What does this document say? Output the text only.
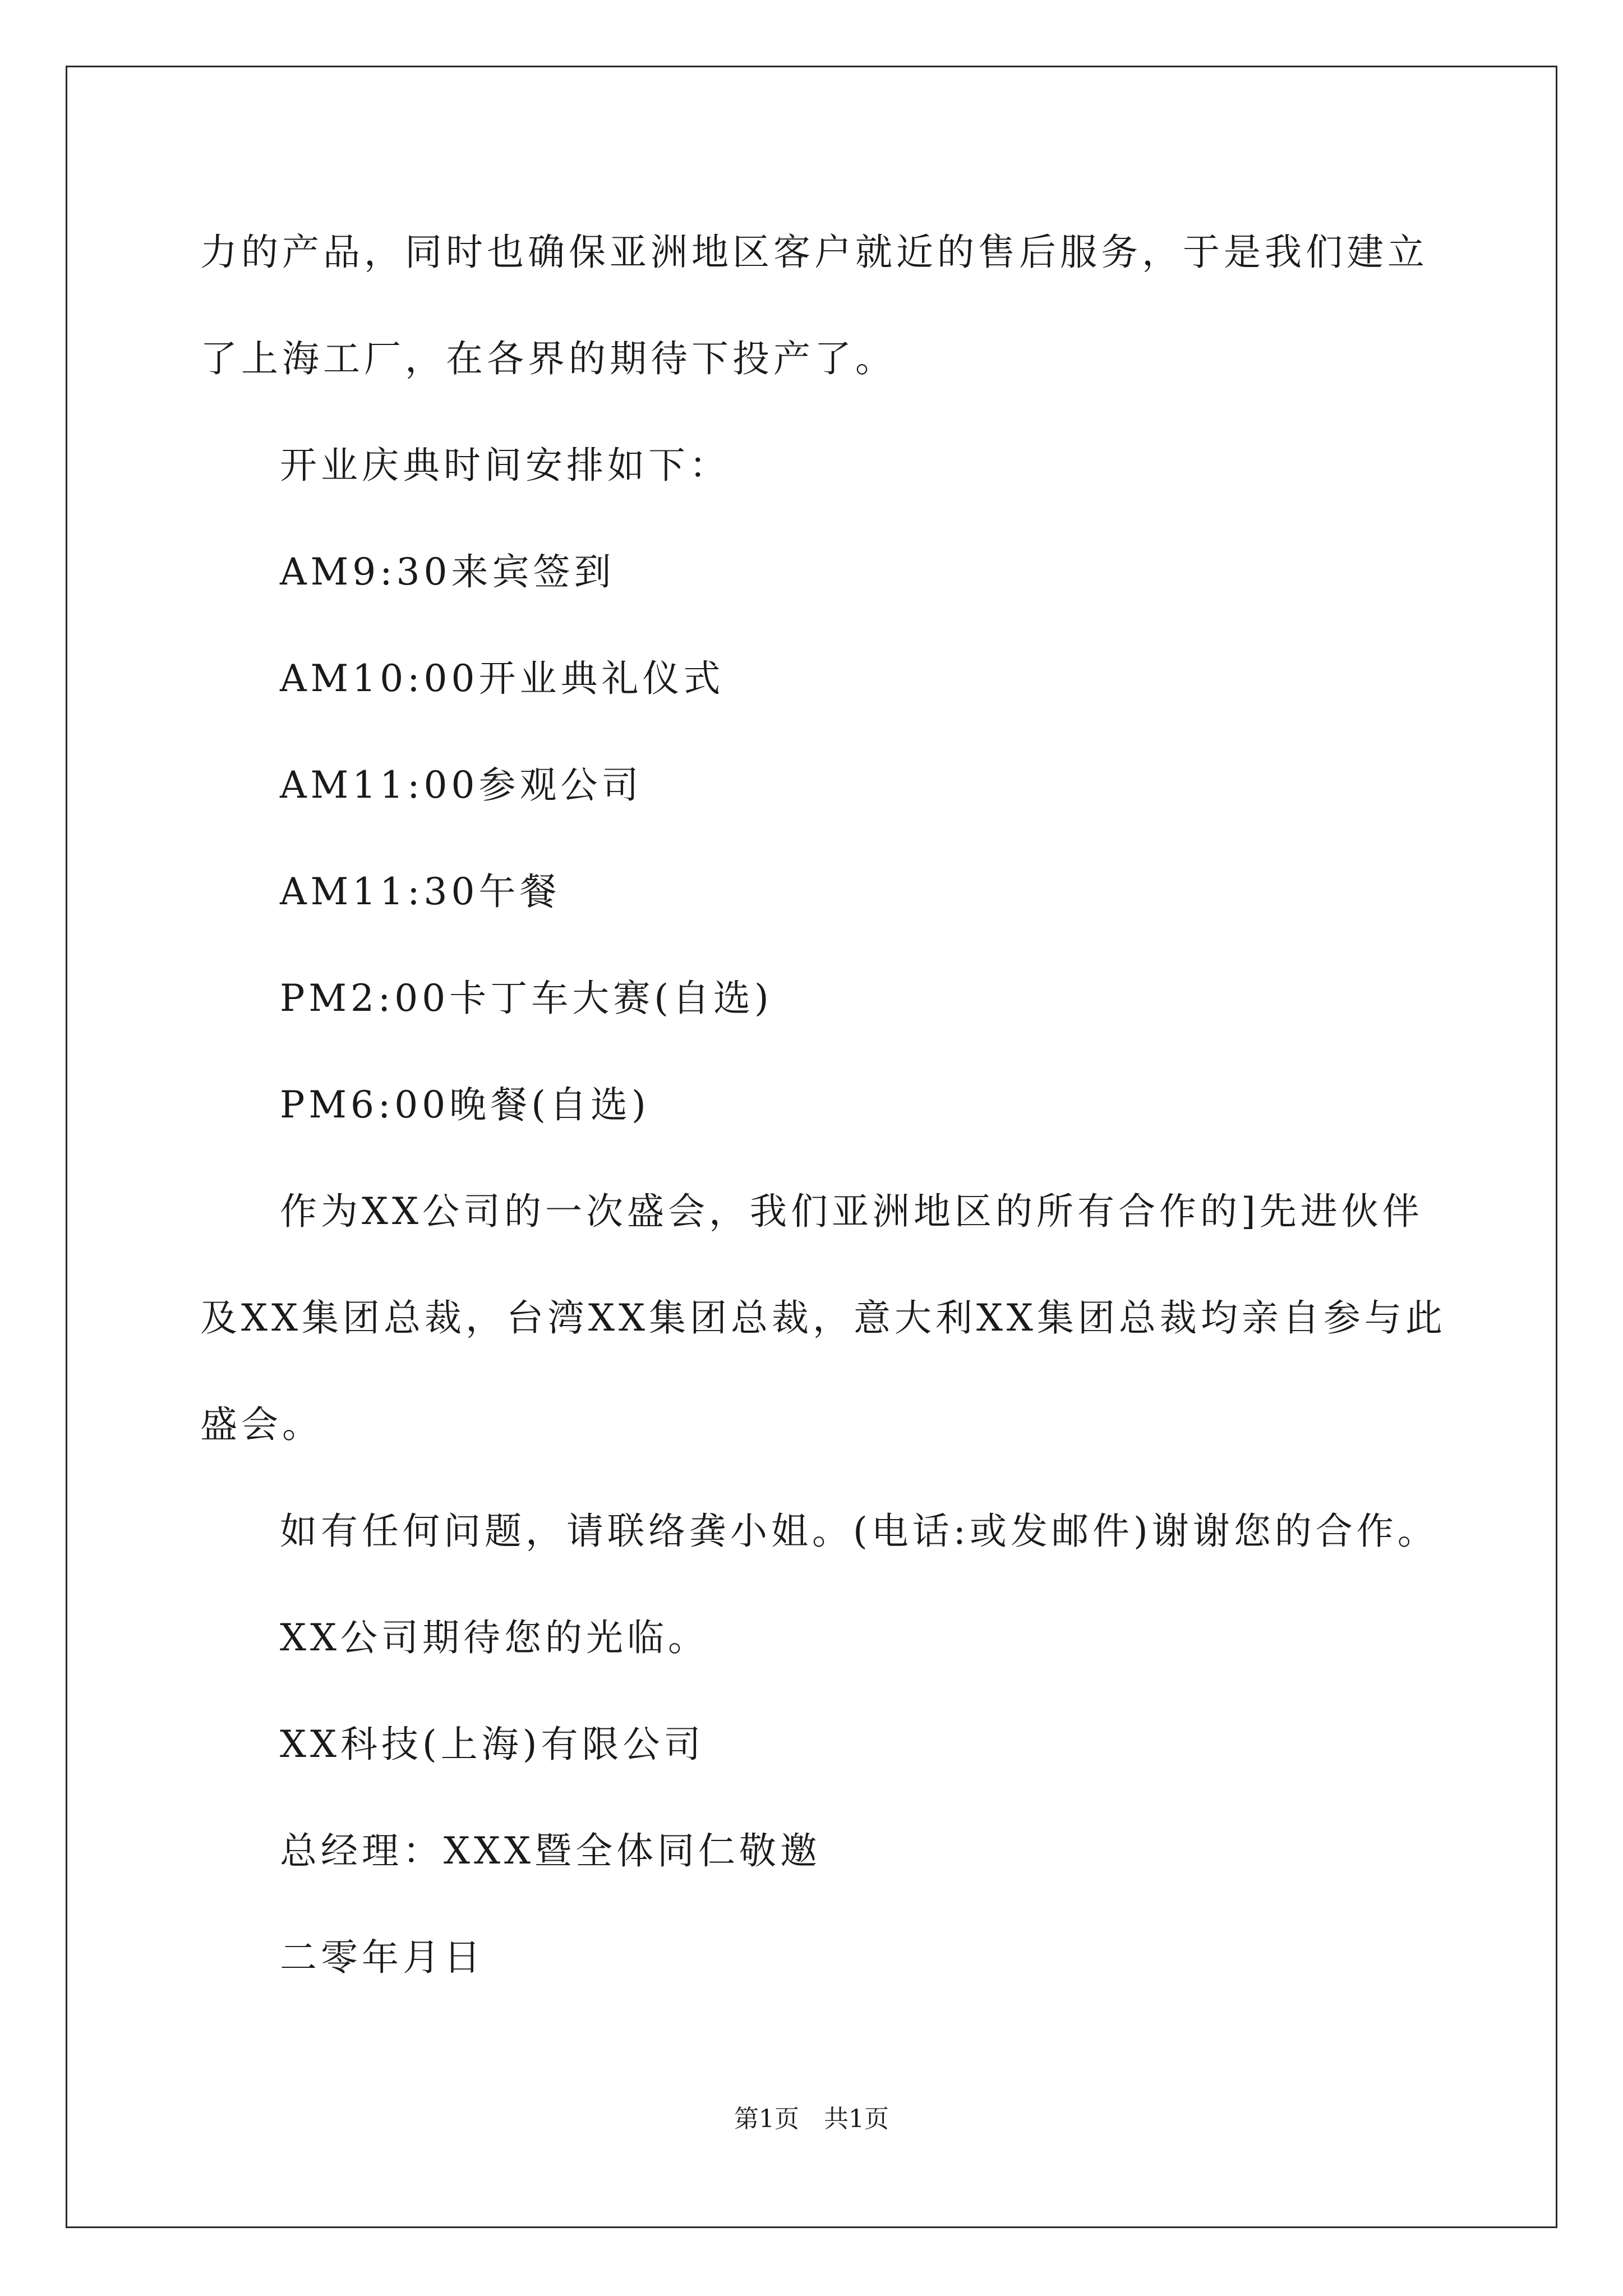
力的产品，同时也确保亚洲地区客户就近的售后服务，于是我们建立
了上海工厂，在各界的期待下投产了。
开业庆典时间安排如下：
AM9:30来宾签到
AM10:00开业典礼仪式
AM11:00参观公司
AM11:30午餐
PM2:00卡丁车大赛(自选)
PM6:00晚餐(自选)
作为XX公司的一次盛会，我们亚洲地区的所有合作的]先进伙伴
及XX集团总裁，台湾XX集团总裁，意大利XX集团总裁均亲自参与此
盛会。
如有任何问题，请联络龚小姐。(电话:或发邮件)谢谢您的合作。
XX公司期待您的光临。
XX科技(上海)有限公司
总经理：XXX暨全体同仁敬邀
二零年月日
第1页　共1页
